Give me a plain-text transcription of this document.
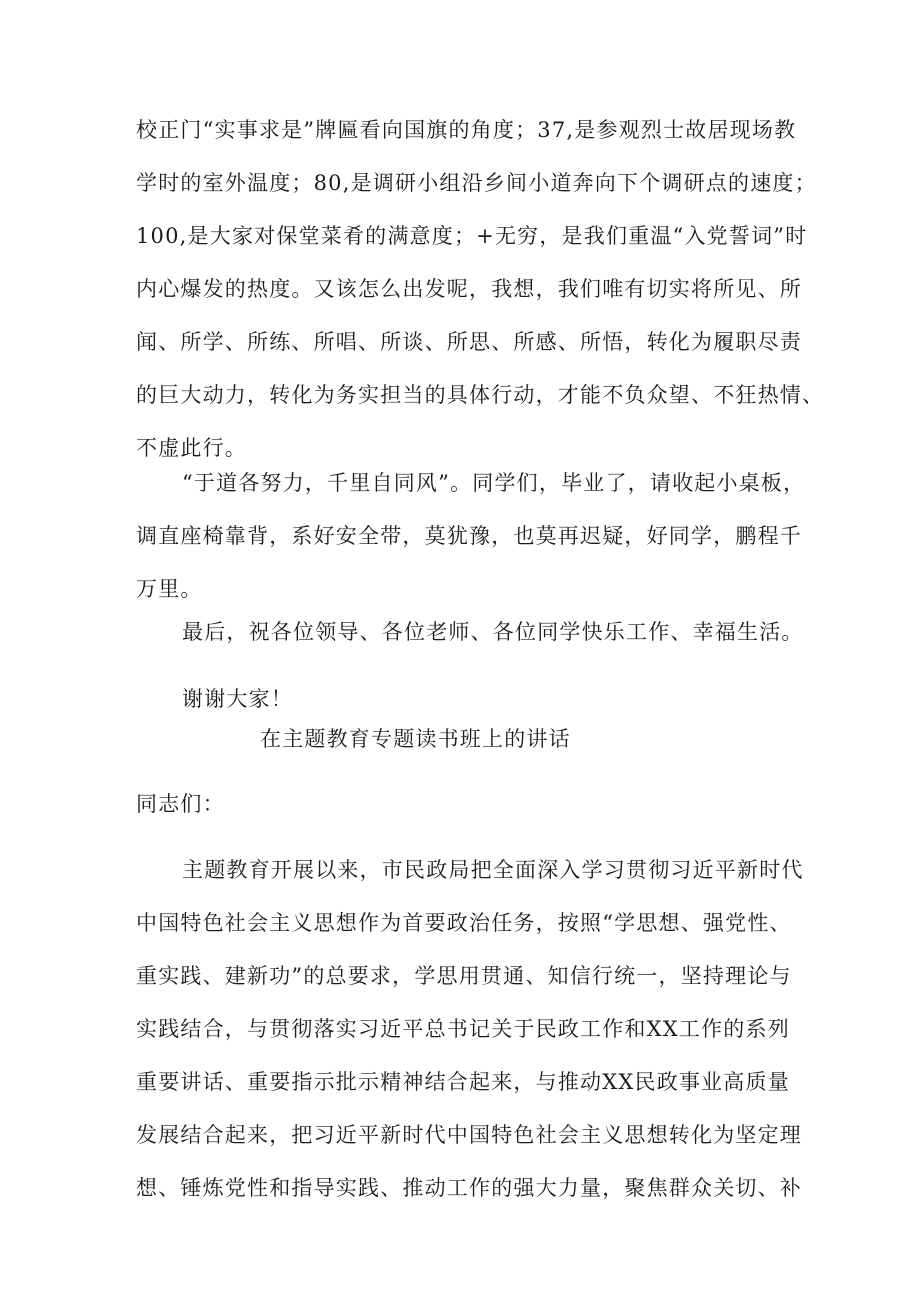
校正门“实事求是”牌匾看向国旗的角度；37,是参观烈士故居现场教
学时的室外温度；80,是调研小组沿乡间小道奔向下个调研点的速度；
100,是大家对保堂菜肴的满意度；+无穷，是我们重温“入党誓词”时
内心爆发的热度。又该怎么出发呢，我想，我们唯有切实将所见、所
闻、所学、所练、所唱、所谈、所思、所感、所悟，转化为履职尽责
的巨大动力，转化为务实担当的具体行动，才能不负众望、不狂热情、
不虚此行。
“于道各努力，千里自同风”。同学们，毕业了，请收起小桌板，
调直座椅靠背，系好安全带，莫犹豫，也莫再迟疑，好同学，鹏程千
万里。
最后，祝各位领导、各位老师、各位同学快乐工作、幸福生活。
谢谢大家！
在主题教育专题读书班上的讲话
同志们：
主题教育开展以来，市民政局把全面深入学习贯彻习近平新时代
中国特色社会主义思想作为首要政治任务，按照“学思想、强党性、
重实践、建新功”的总要求，学思用贯通、知信行统一，坚持理论与
实践结合，与贯彻落实习近平总书记关于民政工作和XX工作的系列
重要讲话、重要指示批示精神结合起来，与推动XX民政事业高质量
发展结合起来，把习近平新时代中国特色社会主义思想转化为坚定理
想、锤炼党性和指导实践、推动工作的强大力量，聚焦群众关切、补
